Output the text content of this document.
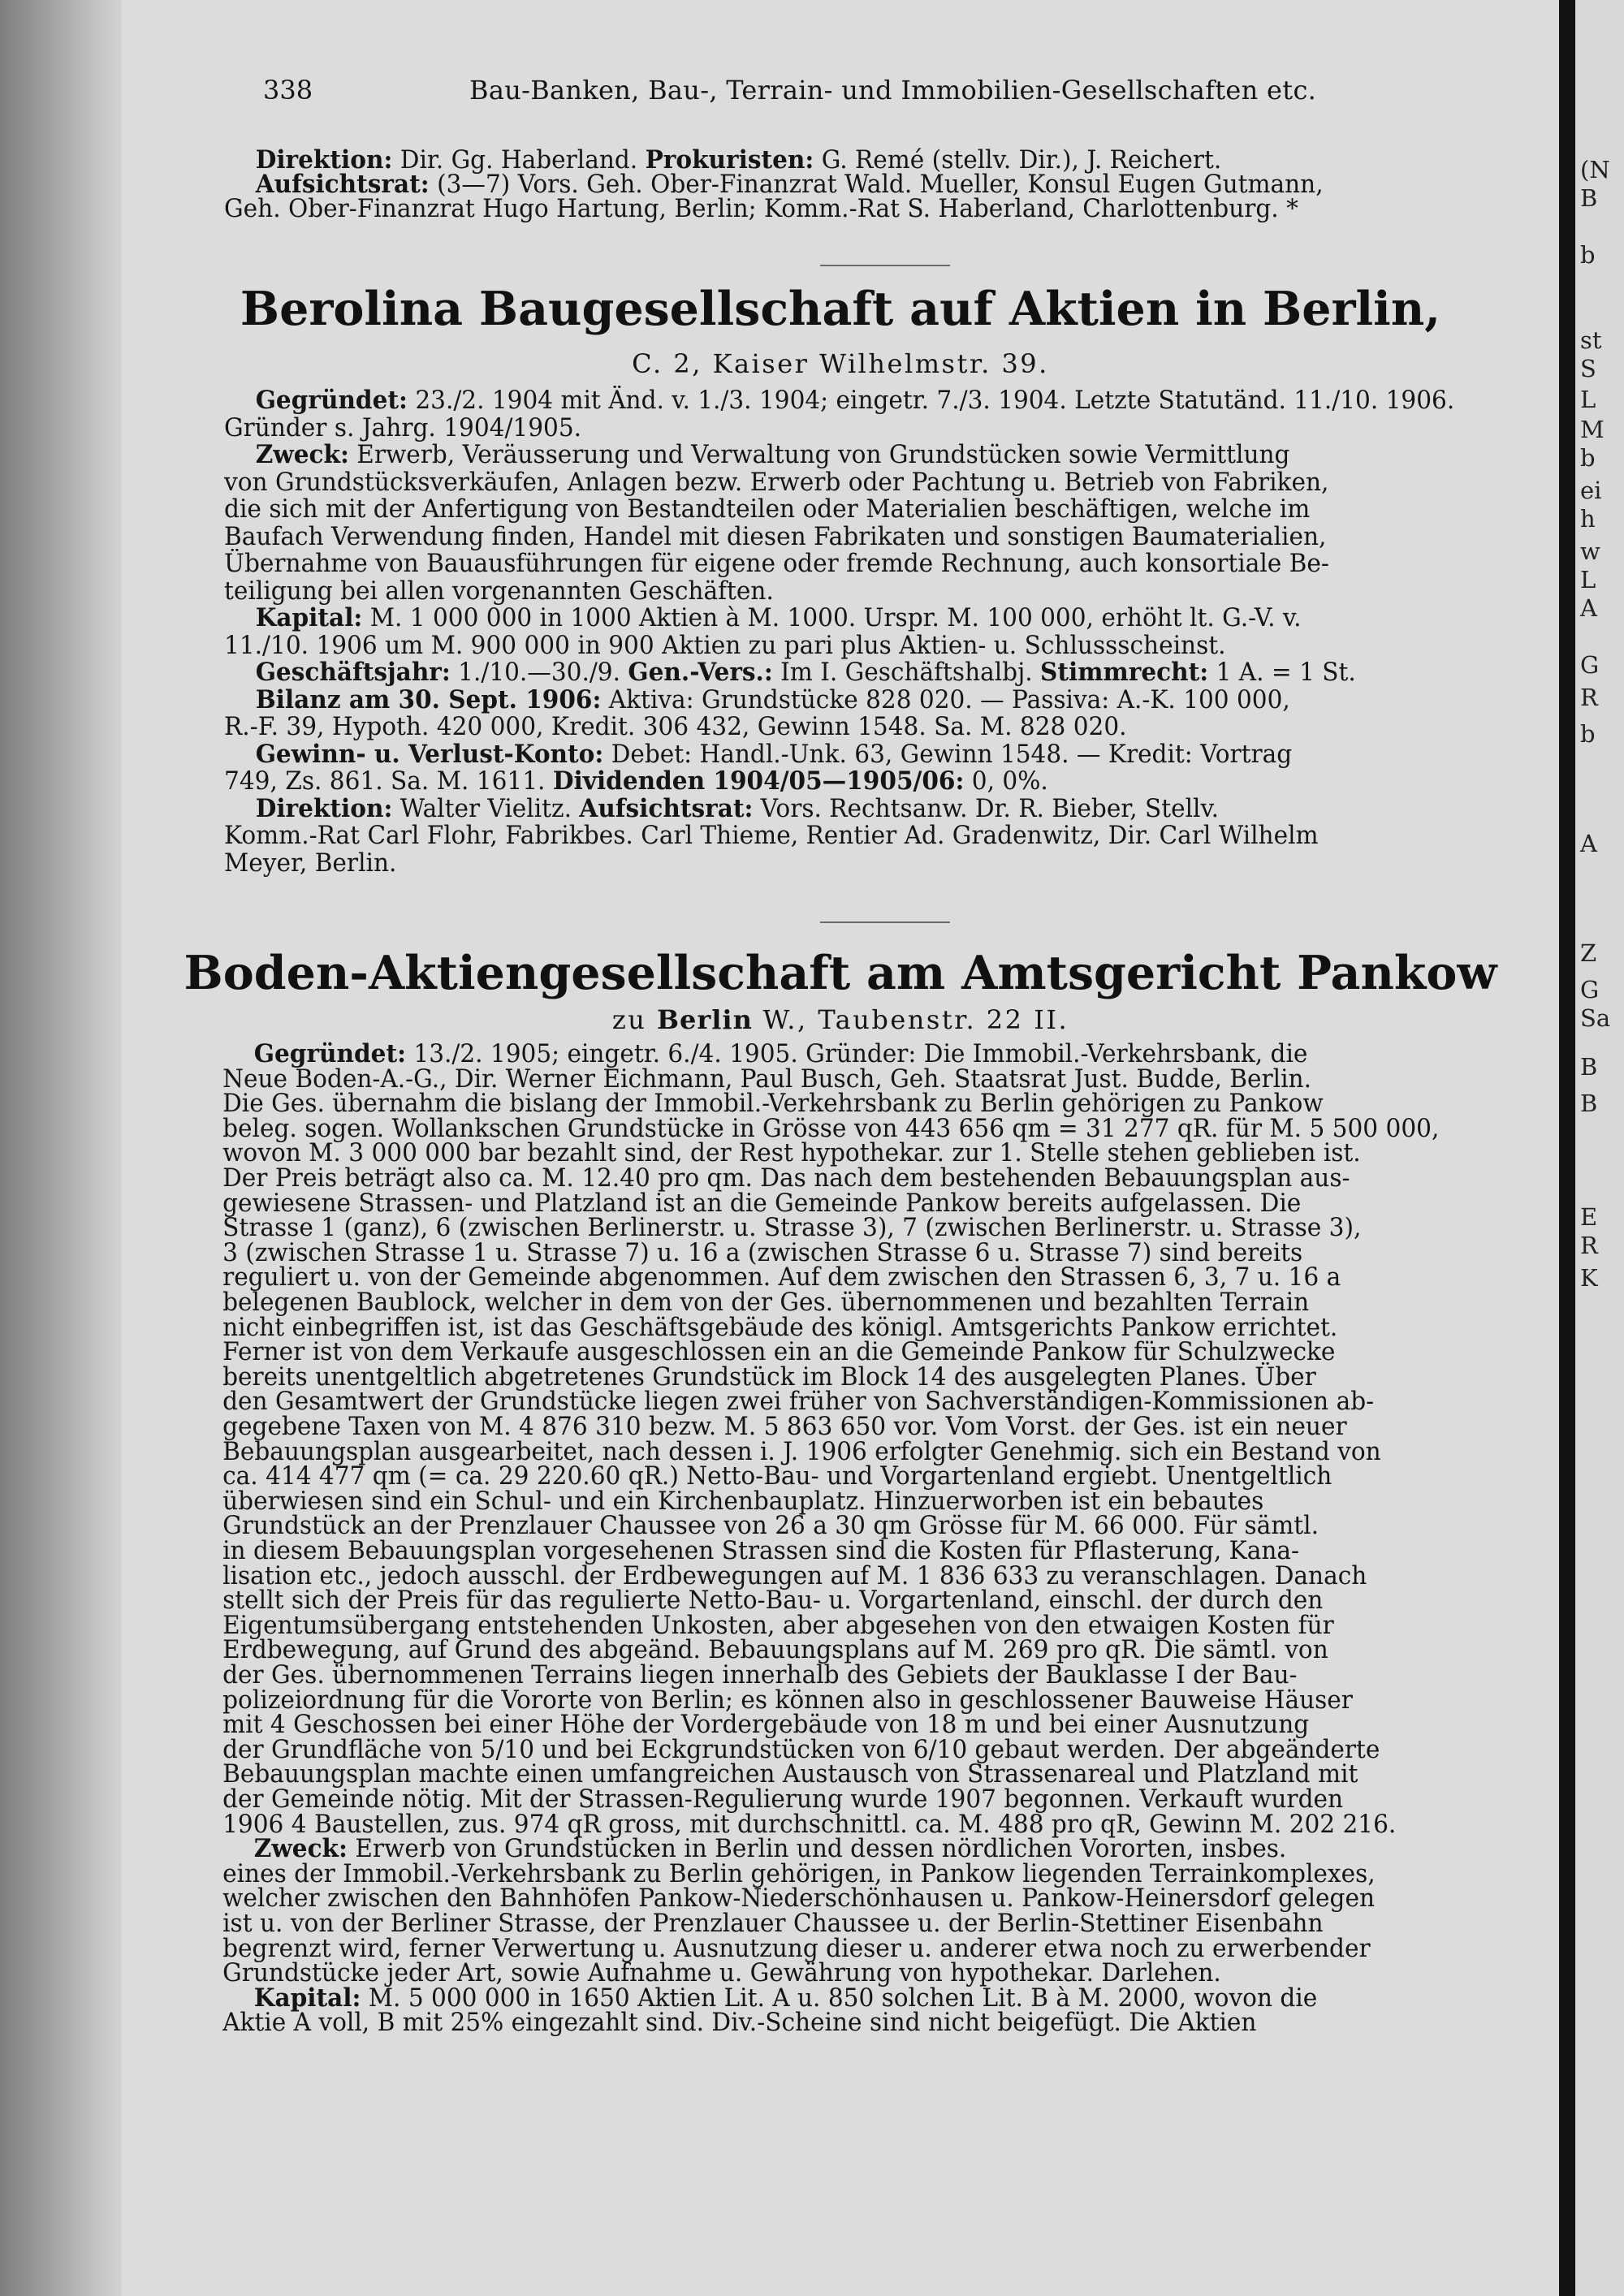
338	Bau-Banken, Bau-, Terrain- und Immobilien-Gesellschaften etc.
Direktion: Dir. Gg. Haberland. Prokuristen: G. Remé (stellv. Dir.), J. Reichert.
Aufsichtsrat: (3—7) Vors. Geh. Ober-Finanzrat Wald. Mueller, Konsul Eugen Gutmann,
Geh. Ober-Finanzrat Hugo Hartung, Berlin; Komm.-Rat S. Haberland, Charlottenburg. *
Berolina Baugesellschaft auf Aktien in Berlin,
C. 2, Kaiser Wilhelmstr. 39.
Gegründet: 23./2. 1904 mit Änd. v. 1./3. 1904; eingetr. 7./3. 1904. Letzte Statutänd. 11./10. 1906.
Gründer s. Jahrg. 1904/1905.
Zweck: Erwerb, Veräusserung und Verwaltung von Grundstücken sowie Vermittlung
von Grundstücksverkäufen, Anlagen bezw. Erwerb oder Pachtung u. Betrieb von Fabriken,
die sich mit der Anfertigung von Bestandteilen oder Materialien beschäftigen, welche im
Baufach Verwendung finden, Handel mit diesen Fabrikaten und sonstigen Baumaterialien,
Übernahme von Bauausführungen für eigene oder fremde Rechnung, auch konsortiale Be-
teiligung bei allen vorgenannten Geschäften.
Kapital: M. 1 000 000 in 1000 Aktien à M. 1000. Urspr. M. 100 000, erhöht lt. G.-V. v.
11./10. 1906 um M. 900 000 in 900 Aktien zu pari plus Aktien- u. Schlussscheinst.
Geschäftsjahr: 1./10.—30./9. Gen.-Vers.: Im I. Geschäftshalbj. Stimmrecht: 1 A. = 1 St.
Bilanz am 30. Sept. 1906: Aktiva: Grundstücke 828 020. — Passiva: A.-K. 100 000,
R.-F. 39, Hypoth. 420 000, Kredit. 306 432, Gewinn 1548. Sa. M. 828 020.
Gewinn- u. Verlust-Konto: Debet: Handl.-Unk. 63, Gewinn 1548. — Kredit: Vortrag
749, Zs. 861. Sa. M. 1611. Dividenden 1904/05—1905/06: 0, 0%.
Direktion: Walter Vielitz. Aufsichtsrat: Vors. Rechtsanw. Dr. R. Bieber, Stellv.
Komm.-Rat Carl Flohr, Fabrikbes. Carl Thieme, Rentier Ad. Gradenwitz, Dir. Carl Wilhelm
Meyer, Berlin.
Boden-Aktiengesellschaft am Amtsgericht Pankow
zu Berlin W., Taubenstr. 22 II.
Gegründet: 13./2. 1905; eingetr. 6./4. 1905. Gründer: Die Immobil.-Verkehrsbank, die
Neue Boden-A.-G., Dir. Werner Eichmann, Paul Busch, Geh. Staatsrat Just. Budde, Berlin.
Die Ges. übernahm die bislang der Immobil.-Verkehrsbank zu Berlin gehörigen zu Pankow
beleg. sogen. Wollankschen Grundstücke in Grösse von 443 656 qm = 31 277 qR. für M. 5 500 000,
wovon M. 3 000 000 bar bezahlt sind, der Rest hypothekar. zur 1. Stelle stehen geblieben ist.
Der Preis beträgt also ca. M. 12.40 pro qm. Das nach dem bestehenden Bebauungsplan aus-
gewiesene Strassen- und Platzland ist an die Gemeinde Pankow bereits aufgelassen. Die
Strasse 1 (ganz), 6 (zwischen Berlinerstr. u. Strasse 3), 7 (zwischen Berlinerstr. u. Strasse 3),
3 (zwischen Strasse 1 u. Strasse 7) u. 16 a (zwischen Strasse 6 u. Strasse 7) sind bereits
reguliert u. von der Gemeinde abgenommen. Auf dem zwischen den Strassen 6, 3, 7 u. 16 a
belegenen Baublock, welcher in dem von der Ges. übernommenen und bezahlten Terrain
nicht einbegriffen ist, ist das Geschäftsgebäude des königl. Amtsgerichts Pankow errichtet.
Ferner ist von dem Verkaufe ausgeschlossen ein an die Gemeinde Pankow für Schulzwecke
bereits unentgeltlich abgetretenes Grundstück im Block 14 des ausgelegten Planes. Über
den Gesamtwert der Grundstücke liegen zwei früher von Sachverständigen-Kommissionen ab-
gegebene Taxen von M. 4 876 310 bezw. M. 5 863 650 vor. Vom Vorst. der Ges. ist ein neuer
Bebauungsplan ausgearbeitet, nach dessen i. J. 1906 erfolgter Genehmig. sich ein Bestand von
ca. 414 477 qm (= ca. 29 220.60 qR.) Netto-Bau- und Vorgartenland ergiebt. Unentgeltlich
überwiesen sind ein Schul- und ein Kirchenbauplatz. Hinzuerworben ist ein bebautes
Grundstück an der Prenzlauer Chaussee von 26 a 30 qm Grösse für M. 66 000. Für sämtl.
in diesem Bebauungsplan vorgesehenen Strassen sind die Kosten für Pflasterung, Kana-
lisation etc., jedoch ausschl. der Erdbewegungen auf M. 1 836 633 zu veranschlagen. Danach
stellt sich der Preis für das regulierte Netto-Bau- u. Vorgartenland, einschl. der durch den
Eigentumsübergang entstehenden Unkosten, aber abgesehen von den etwaigen Kosten für
Erdbewegung, auf Grund des abgeänd. Bebauungsplans auf M. 269 pro qR. Die sämtl. von
der Ges. übernommenen Terrains liegen innerhalb des Gebiets der Bauklasse I der Bau-
polizeiordnung für die Vororte von Berlin; es können also in geschlossener Bauweise Häuser
mit 4 Geschossen bei einer Höhe der Vordergebäude von 18 m und bei einer Ausnutzung
der Grundfläche von 5/10 und bei Eckgrundstücken von 6/10 gebaut werden. Der abgeänderte
Bebauungsplan machte einen umfangreichen Austausch von Strassenareal und Platzland mit
der Gemeinde nötig. Mit der Strassen-Regulierung wurde 1907 begonnen. Verkauft wurden
1906 4 Baustellen, zus. 974 qR gross, mit durchschnittl. ca. M. 488 pro qR, Gewinn M. 202 216.
Zweck: Erwerb von Grundstücken in Berlin und dessen nördlichen Vororten, insbes.
eines der Immobil.-Verkehrsbank zu Berlin gehörigen, in Pankow liegenden Terrainkomplexes,
welcher zwischen den Bahnhöfen Pankow-Niederschönhausen u. Pankow-Heinersdorf gelegen
ist u. von der Berliner Strasse, der Prenzlauer Chaussee u. der Berlin-Stettiner Eisenbahn
begrenzt wird, ferner Verwertung u. Ausnutzung dieser u. anderer etwa noch zu erwerbender
Grundstücke jeder Art, sowie Aufnahme u. Gewährung von hypothekar. Darlehen.
Kapital: M. 5 000 000 in 1650 Aktien Lit. A u. 850 solchen Lit. B à M. 2000, wovon die
Aktie A voll, B mit 25% eingezahlt sind. Div.-Scheine sind nicht beigefügt. Die Aktien
(N
B
b
st
S
L
M
b
ei
h
w
L
A
G
R
b
A
Z
G
Sa
B
B
E
R
K
